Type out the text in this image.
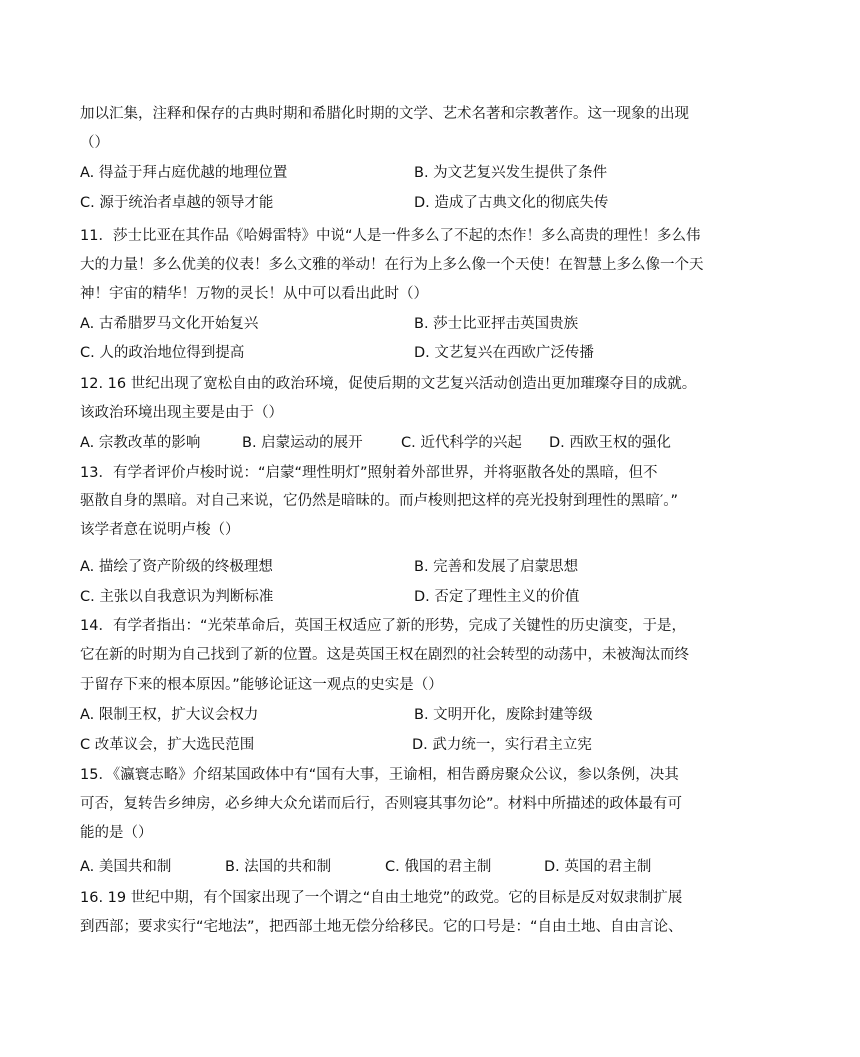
加以汇集，注释和保存的古典时期和希腊化时期的文学、艺术名著和宗教著作。这一现象的出现
（）
A. 得益于拜占庭优越的地理位置	B. 为文艺复兴发生提供了条件
C. 源于统治者卓越的领导才能	D. 造成了古典文化的彻底失传
11．莎士比亚在其作品《哈姆雷特》中说“人是一件多么了不起的杰作！多么高贵的理性！多么伟
大的力量！多么优美的仪表！多么文雅的举动！在行为上多么像一个天使！在智慧上多么像一个天
神！宇宙的精华！万物的灵长！从中可以看出此时（）
A. 古希腊罗马文化开始复兴	B. 莎士比亚抨击英国贵族
C. 人的政治地位得到提高	D. 文艺复兴在西欧广泛传播
12. 16 世纪出现了宽松自由的政治环境，促使后期的文艺复兴活动创造出更加璀璨夺目的成就。
该政治环境出现主要是由于（）
A. 宗教改革的影响	B. 启蒙运动的展开	C. 近代科学的兴起 D. 西欧王权的强化
13．有学者评价卢梭时说：“启蒙“理性明灯”照射着外部世界，并将驱散各处的黑暗，但不
驱散自身的黑暗。对自己来说，它仍然是暗昧的。而卢梭则把这样的亮光投射到理性的黑暗′。”
该学者意在说明卢梭（）
A. 描绘了资产阶级的终极理想	B. 完善和发展了启蒙思想
C. 主张以自我意识为判断标准	D. 否定了理性主义的价值
14．有学者指出：“光荣革命后，英国王权适应了新的形势，完成了关键性的历史演变，于是，
它在新的时期为自己找到了新的位置。这是英国王权在剧烈的社会转型的动荡中，未被淘汰而终
于留存下来的根本原因。”能够论证这一观点的史实是（）
A. 限制王权，扩大议会权力	B. 文明开化，废除封建等级
C 改革议会，扩大选民范围	D. 武力统一，实行君主立宪
15．《瀛寰志略》介绍某国政体中有“国有大事，王谕相，相告爵房聚众公议，参以条例，决其
可否，复转告乡绅房，必乡绅大众允诺而后行，否则寝其事勿论”。材料中所描述的政体最有可
能的是（）
A. 美国共和制	B. 法国的共和制	C. 俄国的君主制	D. 英国的君主制
16. 19 世纪中期，有个国家出现了一个谓之“自由土地党”的政党。它的目标是反对奴隶制扩展
到西部；要求实行“宅地法”，把西部土地无偿分给移民。它的口号是：“自由土地、自由言论、
